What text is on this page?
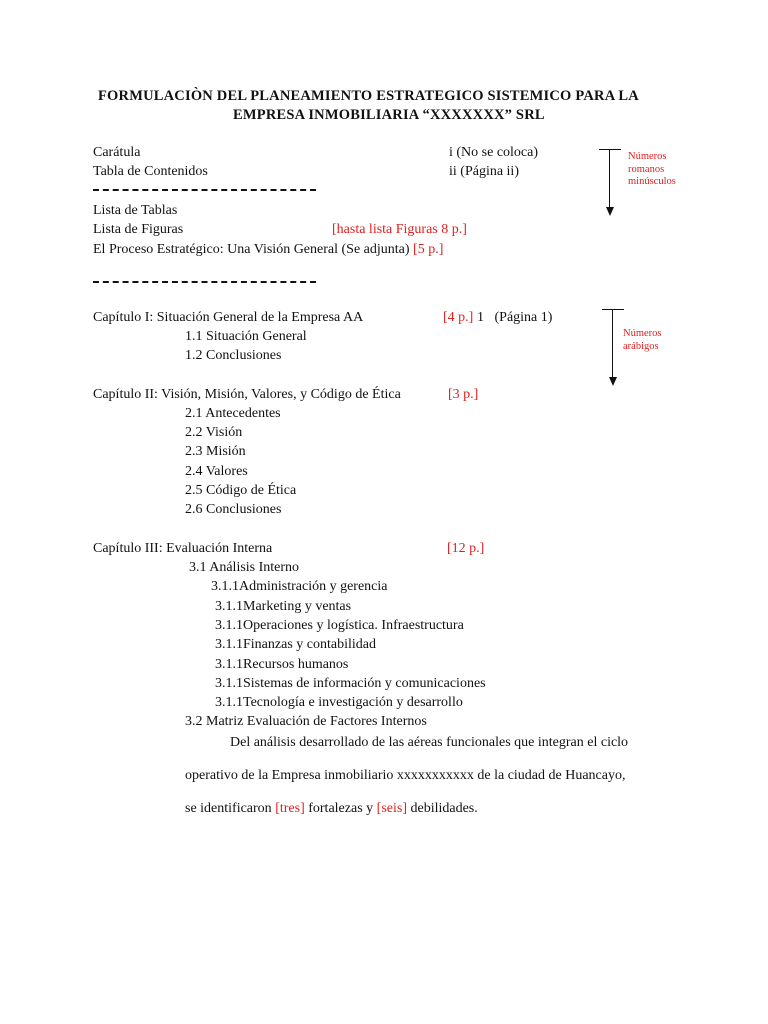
FORMULACIÒN DEL PLANEAMIENTO ESTRATEGICO SISTEMICO PARA LA
EMPRESA INMOBILIARIA “XXXXXXX” SRL
Carátula	i (No se coloca)
Tabla de Contenidos	ii (Página ii)
Lista de Tablas
Lista de Figuras	[hasta lista Figuras 8 p.]
El Proceso Estratégico: Una Visión General (Se adjunta) [5 p.]
Números
romanos
minúsculos
Números
arábigos
Capítulo I: Situación General de la Empresa AA	[4 p.] 1   (Página 1)
1.1 Situación General
1.2 Conclusiones
Capítulo II: Visión, Misión, Valores, y Código de Ética	[3 p.]
2.1 Antecedentes
2.2 Visión
2.3 Misión
2.4 Valores
2.5 Código de Ética
2.6 Conclusiones
Capítulo III: Evaluación Interna	[12 p.]
3.1 Análisis Interno
3.1.1Administración y gerencia
3.1.1Marketing y ventas
3.1.1Operaciones y logística. Infraestructura
3.1.1Finanzas y contabilidad
3.1.1Recursos humanos
3.1.1Sistemas de información y comunicaciones
3.1.1Tecnología e investigación y desarrollo
3.2 Matriz Evaluación de Factores Internos
Del análisis desarrollado de las aéreas funcionales que integran el ciclo
operativo de la Empresa inmobiliario xxxxxxxxxxx de la ciudad de Huancayo,
se identificaron [tres] fortalezas y [seis] debilidades.
